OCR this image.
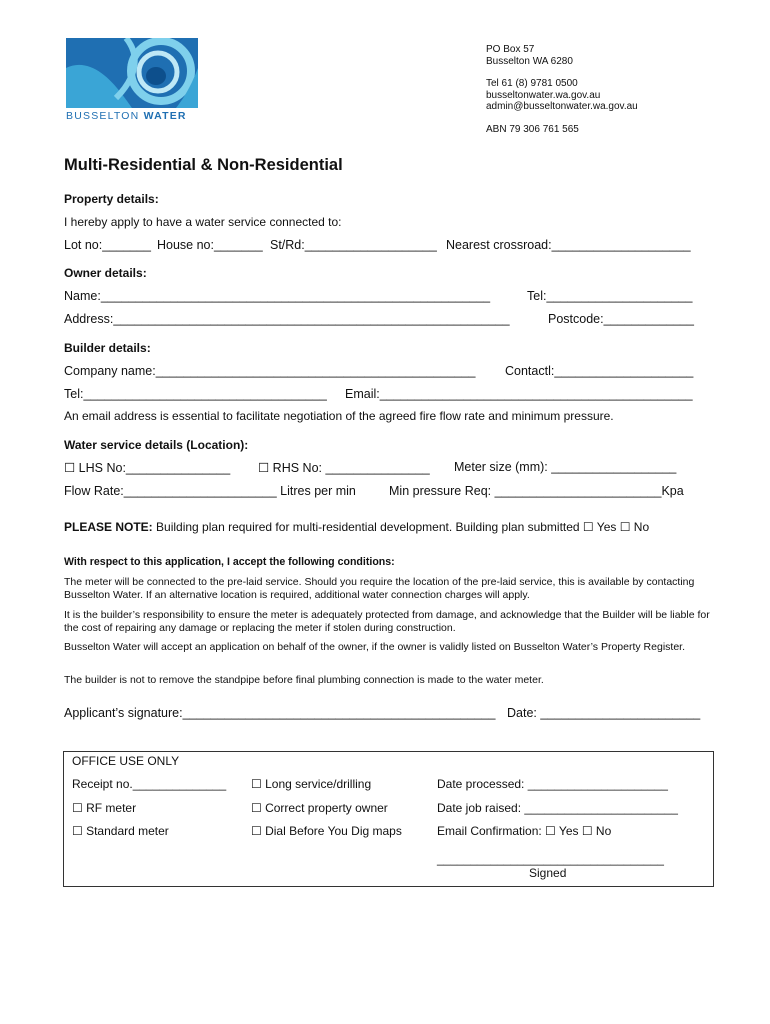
BUSSELTON WATER
PO Box 57
Busselton WA 6280
Tel 61 (8) 9781 0500
busseltonwater.wa.gov.au
admin@busseltonwater.wa.gov.au
ABN 79 306 761 565
Multi-Residential & Non-Residential
Property details:
I hereby apply to have a water service connected to:
Lot no:_______ House no:_______ St/Rd:___________________ Nearest crossroad:____________________
Owner details:
Name:________________________________________________________	Tel:_____________________
Address:_________________________________________________________	Postcode:_____________
Builder details:
Company name:______________________________________________ Contactl:____________________
Tel:___________________________________ Email:_____________________________________________
An email address is essential to facilitate negotiation of the agreed fire flow rate and minimum pressure.
Water service details (Location):
☐ LHS No:_______________ ☐ RHS No: _______________ Meter size (mm): __________________
Flow Rate:______________________ Litres per min	Min pressure Req: ________________________Kpa
PLEASE NOTE: Building plan required for multi-residential development. Building plan submitted ☐ Yes ☐ No
With respect to this application, I accept the following conditions:
The meter will be connected to the pre-laid service. Should you require the location of the pre-laid service, this is available by contacting Busselton Water. If an alternative location is required, additional water connection charges will apply.
It is the builder’s responsibility to ensure the meter is adequately protected from damage, and acknowledge that the Builder will be liable for the cost of repairing any damage or replacing the meter if stolen during construction.
Busselton Water will accept an application on behalf of the owner, if the owner is validly listed on Busselton Water’s Property Register.
The builder is not to remove the standpipe before final plumbing connection is made to the water meter.
Applicant’s signature:_____________________________________________ Date: _______________________
OFFICE USE ONLY
Receipt no.______________ ☐ Long service/drilling	Date processed: _____________________
☐ RF meter	☐ Correct property owner	Date job raised: _______________________
☐ Standard meter	☐ Dial Before You Dig maps	Email Confirmation: ☐ Yes ☐ No
__________________________________
Signed
